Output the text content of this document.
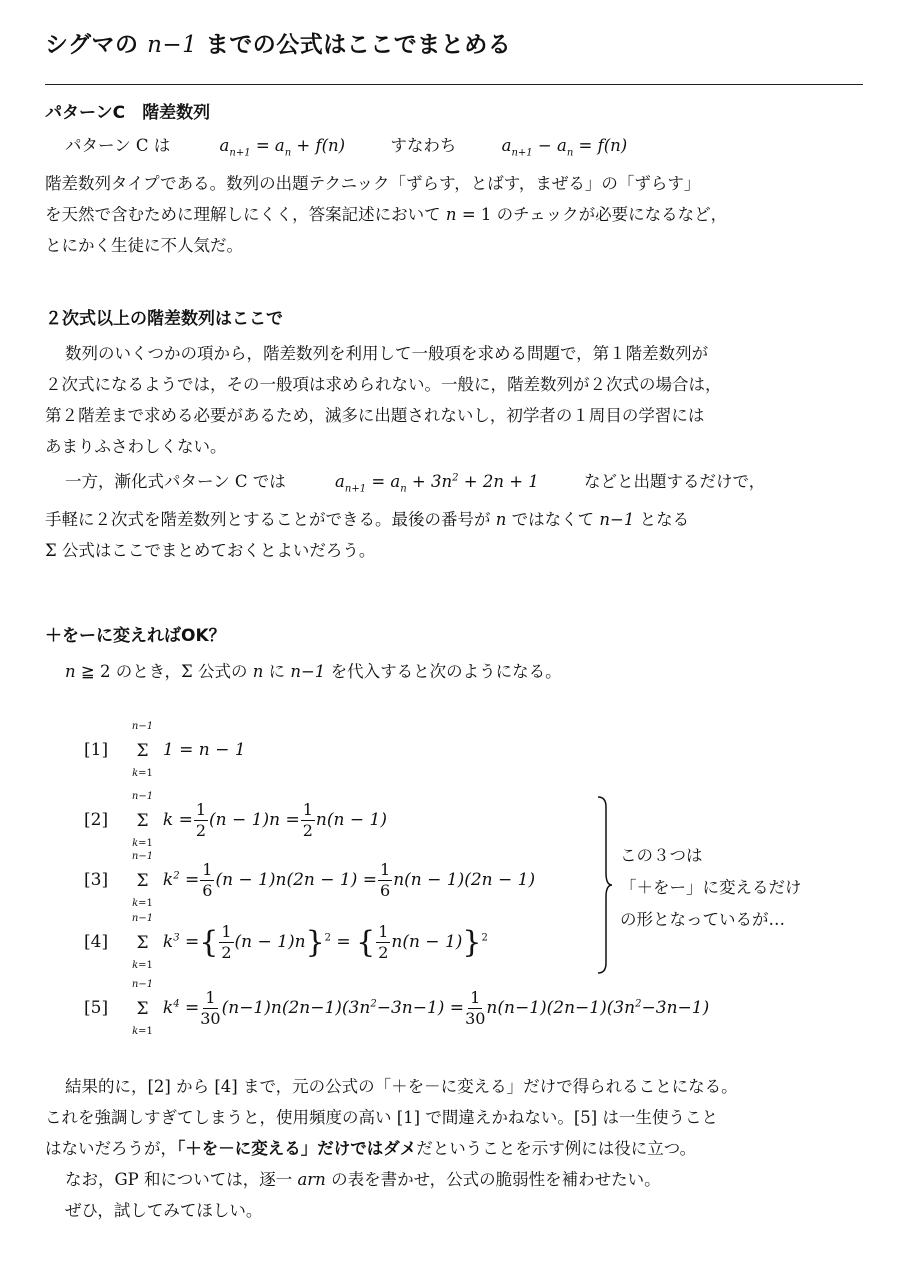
シグマの n−1 までの公式はここでまとめる
パターンC　階差数列
パターン C は	$a_{n+1} = a_n + f(n)$	すなわち	$a_{n+1} - a_n = f(n)$
階差数列タイプである。数列の出題テクニック「ずらす，とばす，まぜる」の「ずらす」
を天然で含むために理解しにくく，答案記述において n = 1 のチェックが必要になるなど，
とにかく生徒に不人気だ。
２次式以上の階差数列はここで
数列のいくつかの項から，階差数列を利用して一般項を求める問題で，第１階差数列が
２次式になるようでは，その一般項は求められない。一般に，階差数列が２次式の場合は，
第２階差まで求める必要があるため，滅多に出題されないし，初学者の１周目の学習には
あまりふさわしくない。
一方，漸化式パターン C では	$a_{n+1} = a_n + 3n^2 + 2n + 1$	などと出題するだけで，
手軽に２次式を階差数列とすることができる。最後の番号が n ではなくて n−1 となる
Σ 公式はここでまとめておくとよいだろう。
＋をーに変えればOK？
n ≧ 2 のとき，Σ 公式の n に n−1 を代入すると次のようになる。
[1]
n−1
Σ
k=1
1 = n − 1
[2]
n−1
Σ
k=1
$k = \frac{1}{2} (n - 1)n = \frac{1}{2} n(n - 1)$
[3]
n−1
Σ
k=1
$k^2 = \frac{1}{6} (n - 1)n(2n - 1) = \frac{1}{6} n(n - 1)(2n - 1)$
[4]
n−1
Σ
k=1
$k^3$ ={ $\frac{1}{2} (n - 1)n\}^2$ = { $\frac{1}{2} n(n - 1)\}^2$
[5]
n−1
Σ
k=1
$k^4 = \frac{1}{30} (n-1)n(2n-1)(3n^2-3n-1) = \frac{1}{30} n(n-1)(2n-1)(3n^2-3n-1)$
この３つは
「＋をー」に変えるだけ
の形となっているが…
結果的に，[2] から [4] まで，元の公式の「＋を－に変える」だけで得られることになる。
これを強調しすぎてしまうと，使用頻度の高い [1] で間違えかねない。[5] は一生使うこと
はないだろうが，「＋を－に変える」だけではダメだということを示す例には役に立つ。
なお，GP 和については，逐一 arn の表を書かせ，公式の脆弱性を補わせたい。
ぜひ，試してみてほしい。
